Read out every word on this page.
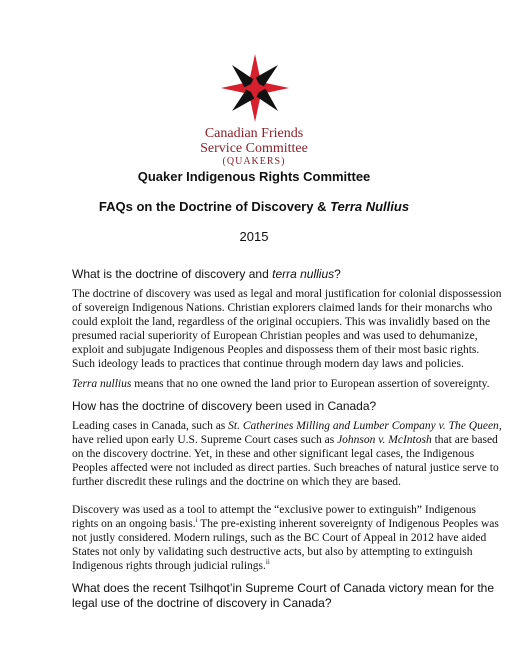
Canadian Friends
Service Committee
(QUAKERS)
Quaker Indigenous Rights Committee
FAQs on the Doctrine of Discovery & Terra Nullius
2015
What is the doctrine of discovery and terra nullius?
The doctrine of discovery was used as legal and moral justification for colonial dispossession
of sovereign Indigenous Nations. Christian explorers claimed lands for their monarchs who
could exploit the land, regardless of the original occupiers. This was invalidly based on the
presumed racial superiority of European Christian peoples and was used to dehumanize,
exploit and subjugate Indigenous Peoples and dispossess them of their most basic rights.
Such ideology leads to practices that continue through modern day laws and policies.
Terra nullius means that no one owned the land prior to European assertion of sovereignty.
How has the doctrine of discovery been used in Canada?
Leading cases in Canada, such as St. Catherines Milling and Lumber Company v. The Queen,
have relied upon early U.S. Supreme Court cases such as Johnson v. McIntosh that are based
on the discovery doctrine. Yet, in these and other significant legal cases, the Indigenous
Peoples affected were not included as direct parties. Such breaches of natural justice serve to
further discredit these rulings and the doctrine on which they are based.
Discovery was used as a tool to attempt the “exclusive power to extinguish” Indigenous
rights on an ongoing basis.$^i$ The pre-existing inherent sovereignty of Indigenous Peoples was
not justly considered. Modern rulings, such as the BC Court of Appeal in 2012 have aided
States not only by validating such destructive acts, but also by attempting to extinguish
Indigenous rights through judicial rulings.$^{ii}$
What does the recent Tsilhqot’in Supreme Court of Canada victory mean for the
legal use of the doctrine of discovery in Canada?
